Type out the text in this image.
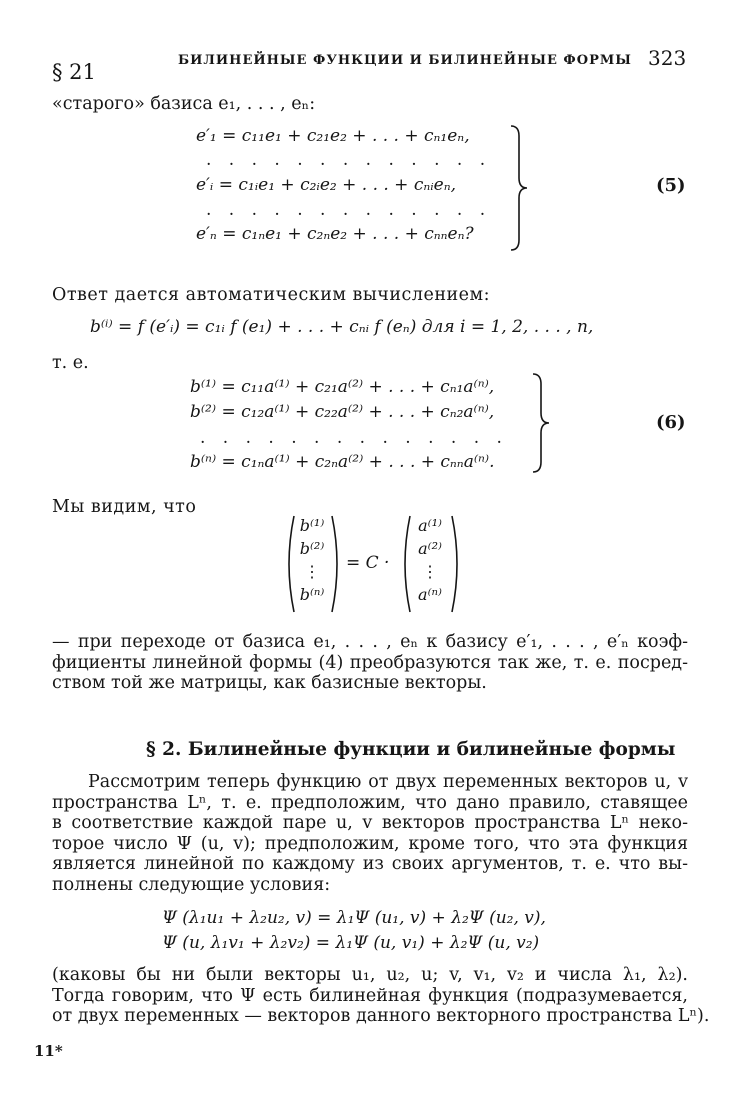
§ 21	БИЛИНЕЙНЫЕ ФУНКЦИИ И БИЛИНЕЙНЫЕ ФОРМЫ 323
«старого» базиса e₁, . . . , eₙ:
e′₁ = c₁₁e₁ + c₂₁e₂ + . . . + cₙ₁eₙ,
. . . . . . . . . . . . .
e′ᵢ = c₁ᵢe₁ + c₂ᵢe₂ + . . . + cₙᵢeₙ,
. . . . . . . . . . . . .
e′ₙ = c₁ₙe₁ + c₂ₙe₂ + . . . + cₙₙeₙ?
(5)
Ответ дается автоматическим вычислением:
b⁽ⁱ⁾ = f (e′ᵢ) = c₁ᵢ f (e₁) + . . . + cₙᵢ f (eₙ) для i = 1, 2, . . . , n,
т. е.
b⁽¹⁾ = c₁₁a⁽¹⁾ + c₂₁a⁽²⁾ + . . . + cₙ₁a⁽ⁿ⁾,
b⁽²⁾ = c₁₂a⁽¹⁾ + c₂₂a⁽²⁾ + . . . + cₙ₂a⁽ⁿ⁾,
. . . . . . . . . . . . . .
b⁽ⁿ⁾ = c₁ₙa⁽¹⁾ + c₂ₙa⁽²⁾ + . . . + cₙₙa⁽ⁿ⁾.
(6)
Мы видим, что
b⁽¹⁾
b⁽²⁾
⋮
b⁽ⁿ⁾
= C ·
a⁽¹⁾
a⁽²⁾
⋮
a⁽ⁿ⁾
— при переходе от базиса e₁, . . . , eₙ к базису e′₁, . . . , e′ₙ коэф-
фициенты линейной формы (4) преобразуются так же, т. е. посред-
ством той же матрицы, как базисные векторы.
§ 2. Билинейные функции и билинейные формы
Рассмотрим теперь функцию от двух переменных векторов u, v
пространства Lⁿ, т. е. предположим, что дано правило, ставящее
в соответствие каждой паре u, v векторов пространства Lⁿ неко-
торое число Ψ (u, v); предположим, кроме того, что эта функция
является линейной по каждому из своих аргументов, т. е. что вы-
полнены следующие условия:
Ψ (λ₁u₁ + λ₂u₂, v) = λ₁Ψ (u₁, v) + λ₂Ψ (u₂, v),
Ψ (u, λ₁v₁ + λ₂v₂) = λ₁Ψ (u, v₁) + λ₂Ψ (u, v₂)
(каковы бы ни были векторы u₁, u₂, u; v, v₁, v₂ и числа λ₁, λ₂).
Тогда говорим, что Ψ есть билинейная функция (подразумевается,
от двух переменных — векторов данного векторного пространства Lⁿ).
11*
